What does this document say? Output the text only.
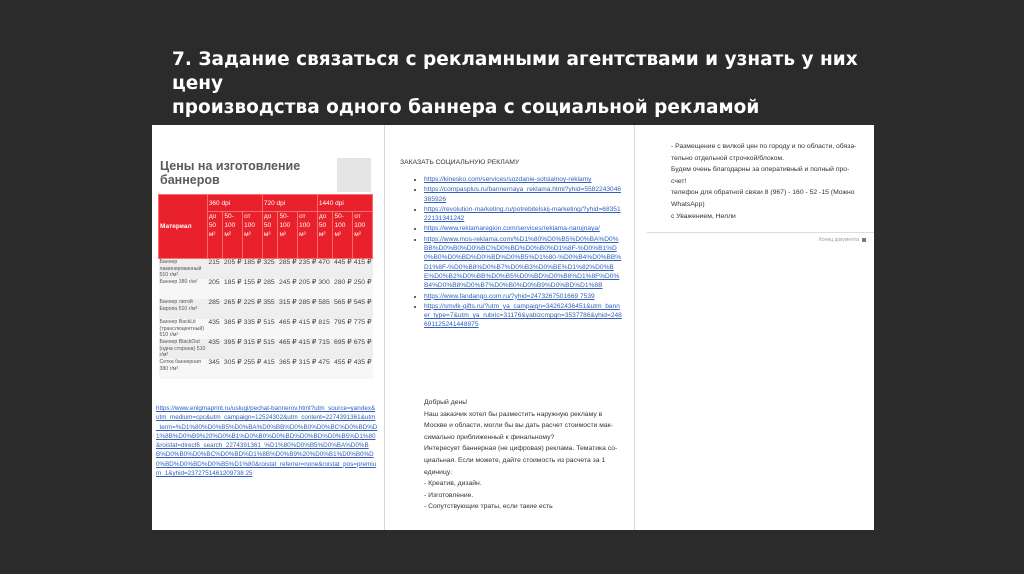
7. Задание связаться с рекламными агентствами и узнать у них цену
производства одного баннера с социальной рекламой
Цены на изготовление баннеров
Материал	360 dpi			720 dpi			1440 dpi		
	до 50 м²	50-100 м²	от 100 м²	до 50 м²	50-100 м²	от 100 м²	до 50 м²	50-100 м²	от 100 м²
Баннер ламинированный 510 г/м²	215	205 ₽	185 ₽	325	285 ₽	235 ₽	470	445 ₽	415 ₽
Баннер 380 г/м²	205	185 ₽	155 ₽	285	245 ₽	205 ₽	300	280 ₽	250 ₽
Баннер литой Европа 510 г/м²	285	265 ₽	225 ₽	355	315 ₽	285 ₽	585	565 ₽	545 ₽
Баннер BackLit (транслюцентный) 510 г/м²	435	385 ₽	335 ₽	515	465 ₽	415 ₽	815	795 ₽	775 ₽
Баннер BlackOut (одна сторона) 510 г/м²	435	395 ₽	315 ₽	515	465 ₽	415 ₽	715	695 ₽	675 ₽
Сетка баннерная 380 г/м²	345	305 ₽	255 ₽	415	365 ₽	315 ₽	475	455 ₽	435 ₽
https://www.enigmaprint.ru/uslugi/pechat-bannerov.html?utm_source=yandex&utm_medium=cpc&utm_campaign=12524302&utm_content=2274391361&utm_term=%D1%80%D0%B5%D0%BA%D0%BB%D0%B0%D0%BC%D0%BD%D1%8B%D0%B9%20%D0%B1%D0%B0%D0%BD%D0%BD%D0%B5%D1%80&roistat=direct6_search_2274391361_%D1%80%D0%B5%D0%BA%D0%BB%D0%B0%D0%BC%D0%BD%D1%8B%D0%B9%20%D0%B1%D0%B0%D0%BD%D0%BD%D0%B5%D1%80&roistat_referrer=none&roistat_pos=premium_1&yhid=2372751461209738 25
ЗАКАЗАТЬ СОЦИАЛЬНУЮ РЕКЛАМУ
• https://kinesko.com/services/sozdanie-sotsialnoy-reklamy
• https://compasplus.ru/bannernaya_reklama.html?yhid=5582243046385926
• https://revolution-marketing.ru/potrebitelskij-marketing/?yhid=6835122131341242
• https://www.reklamaregion.com/services/reklama-narujnaya/
• https://www.mos-reklama.com/%D1%80%D0%B5%D0%BA%D0%BB%D0%B0%D0%BC%D0%BD%D0%B0%D1%8F-%D0%B1%D0%B0%D0%BD%D0%BD%D0%B5%D1%80-%D0%B4%D0%BB%D1%8F-%D0%B8%D0%B7%D0%B3%D0%BE%D1%82%D0%BE%D0%B2%D0%BB%D0%B5%D0%BD%D0%B8%D1%8F%D0%B4%D0%B8%D0%B7%D0%B0%D0%B9%D0%BD%D1%8B
• https://www.fandango.com.ru/?yhid=2473267501669 7539
• https://smvlk-gifts.ru/?utm_ya_campaign=34262436451&utm_banner_type=7&utm_ya_rubric=31176&yabizcmpgn=3537786&yhid=248691125241448975
Добрый день!
Наш заказчик хотел бы разместить наружную рекламу в
Москве и области, могли бы вы дать расчет стоимости мак-
симально приближенный к финальному?
Интересует баннерная (не цифровая) реклама. Тематика со-
циальная. Если можете, дайте стоимость из расчета за 1
единицу:
- Креатив, дизайн.
- Изготовление.
- Сопутствующие траты, если такие есть
- Размещение с вилкой цен по городу и по области, обяза-
тельно отдельной строчкой/блоком.
Будем очень благодарны за оперативный и полный про-
счет!
телефон для обратной связи 8 (967) - 160 - 52 -15 (Можно
WhatsApp)
с Уважением, Нелли
Конец документа
